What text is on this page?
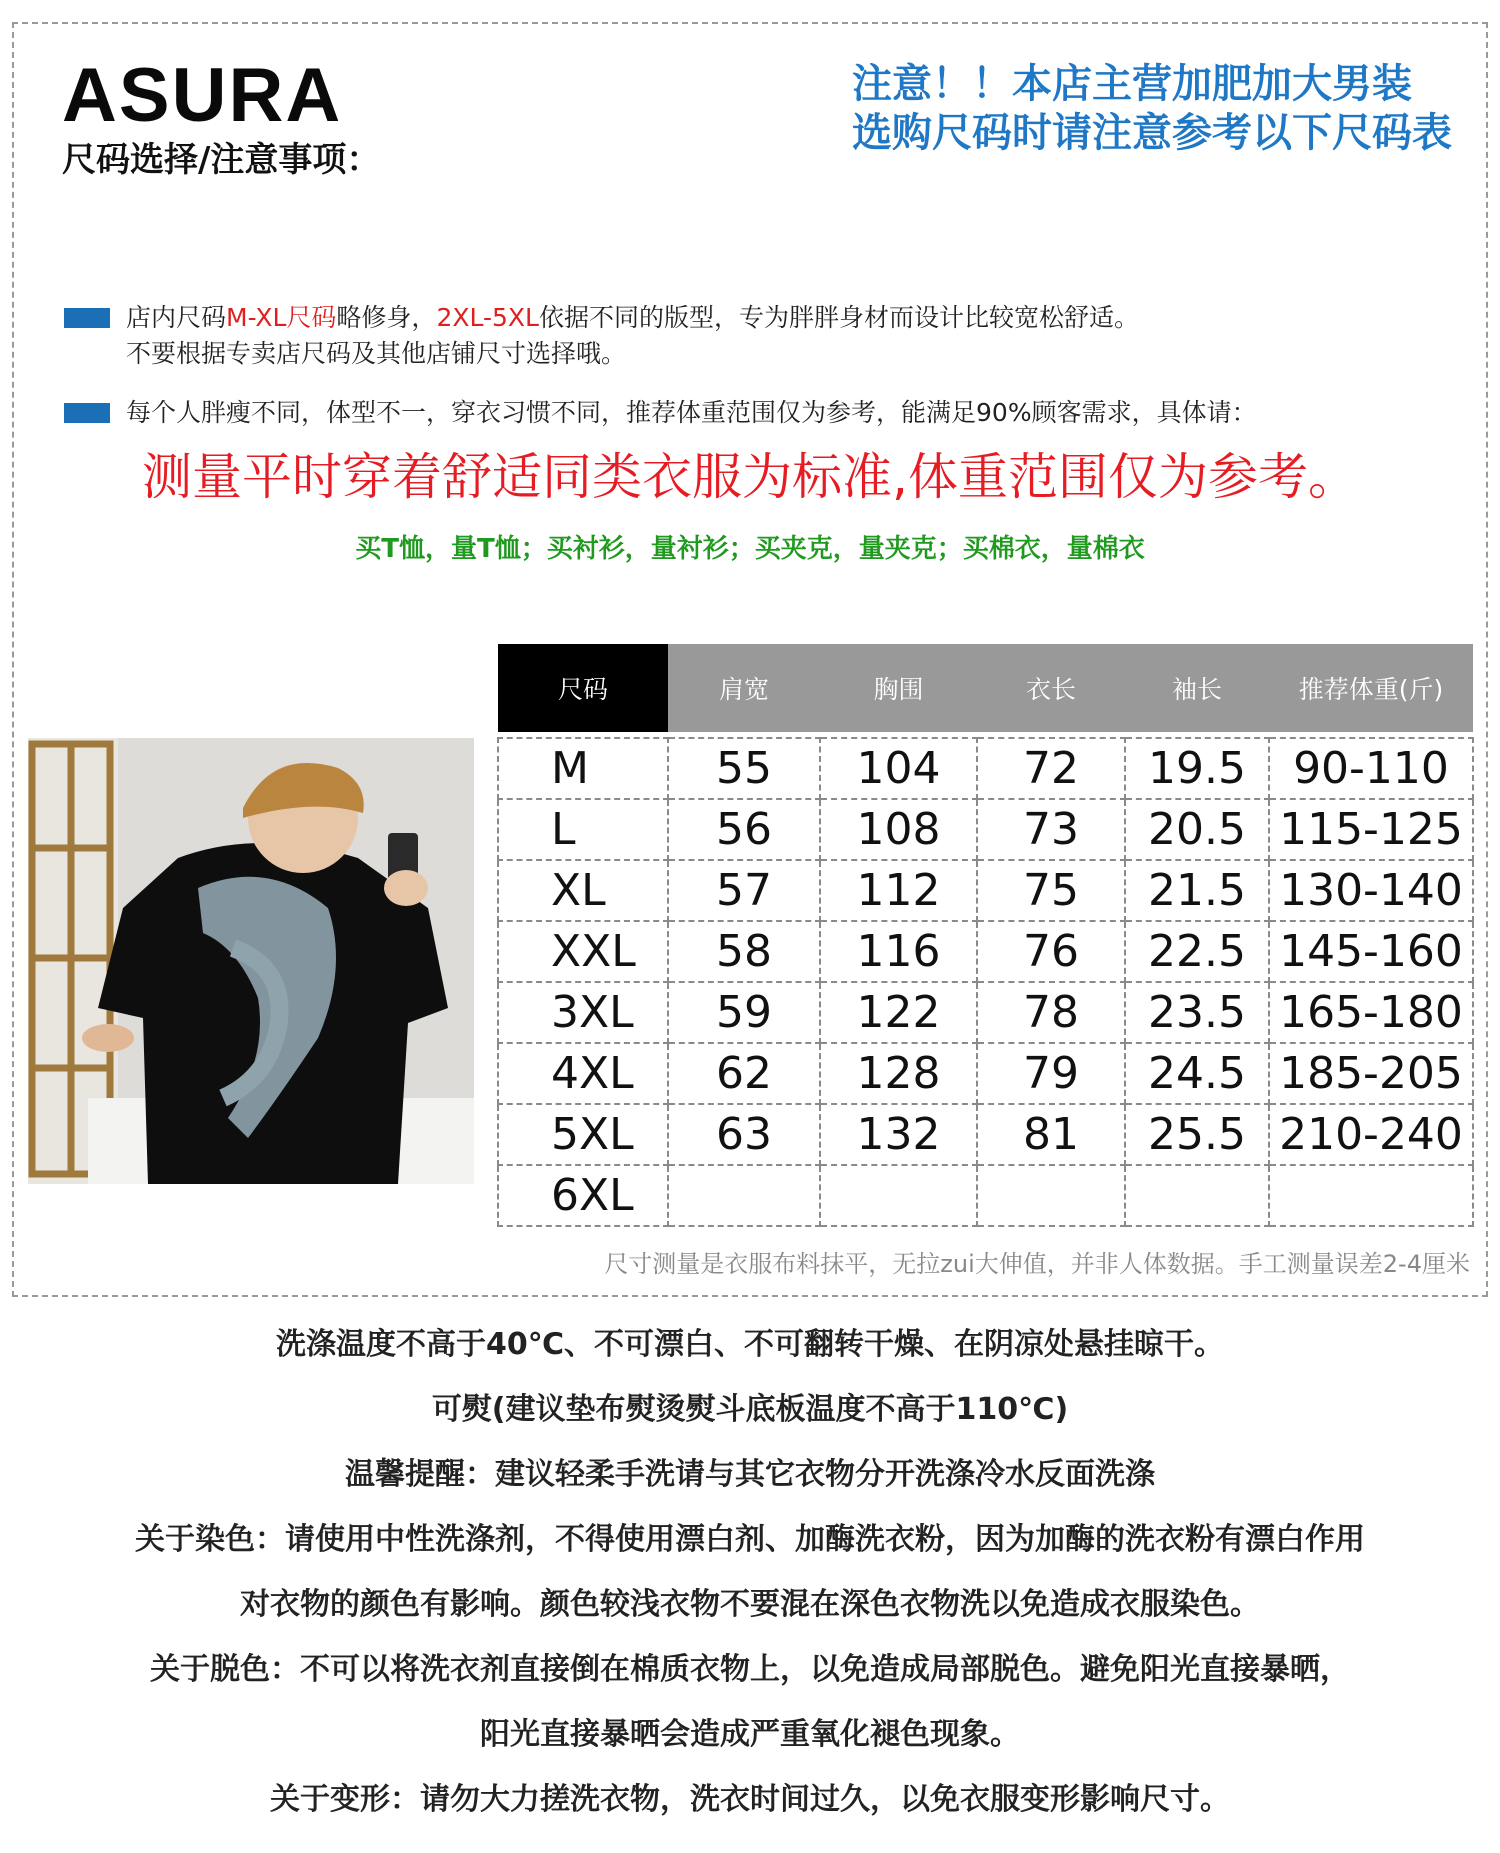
ASURA
尺码选择/注意事项：
注意！！本店主营加肥加大男装
选购尺码时请注意参考以下尺码表
店内尺码M-XL尺码略修身，2XL-5XL依据不同的版型，专为胖胖身材而设计比较宽松舒适。
不要根据专卖店尺码及其他店铺尺寸选择哦。
每个人胖瘦不同，体型不一，穿衣习惯不同，推荐体重范围仅为参考，能满足90%顾客需求，具体请：
测量平时穿着舒适同类衣服为标准,体重范围仅为参考。
买T恤，量T恤；买衬衫，量衬衫；买夹克，量夹克；买棉衣，量棉衣
尺码	肩宽	胸围	衣长	袖长	推荐体重(斤)

M	55	104	72	19.5	90-110
L	56	108	73	20.5	115-125
XL	57	112	75	21.5	130-140
XXL	58	116	76	22.5	145-160
3XL	59	122	78	23.5	165-180
4XL	62	128	79	24.5	185-205
5XL	63	132	81	25.5	210-240
6XL					
尺寸测量是衣服布料抹平，无拉zui大伸值，并非人体数据。手工测量误差2-4厘米

洗涤温度不高于40℃、不可漂白、不可翻转干燥、在阴凉处悬挂晾干。

可熨(建议垫布熨烫熨斗底板温度不高于110℃)

温馨提醒：建议轻柔手洗请与其它衣物分开洗涤冷水反面洗涤

关于染色：请使用中性洗涤剂，不得使用漂白剂、加酶洗衣粉，因为加酶的洗衣粉有漂白作用

对衣物的颜色有影响。颜色较浅衣物不要混在深色衣物洗以免造成衣服染色。

关于脱色：不可以将洗衣剂直接倒在棉质衣物上，以免造成局部脱色。避免阳光直接暴晒，

阳光直接暴晒会造成严重氧化褪色现象。

关于变形：请勿大力搓洗衣物，洗衣时间过久，以免衣服变形影响尺寸。
